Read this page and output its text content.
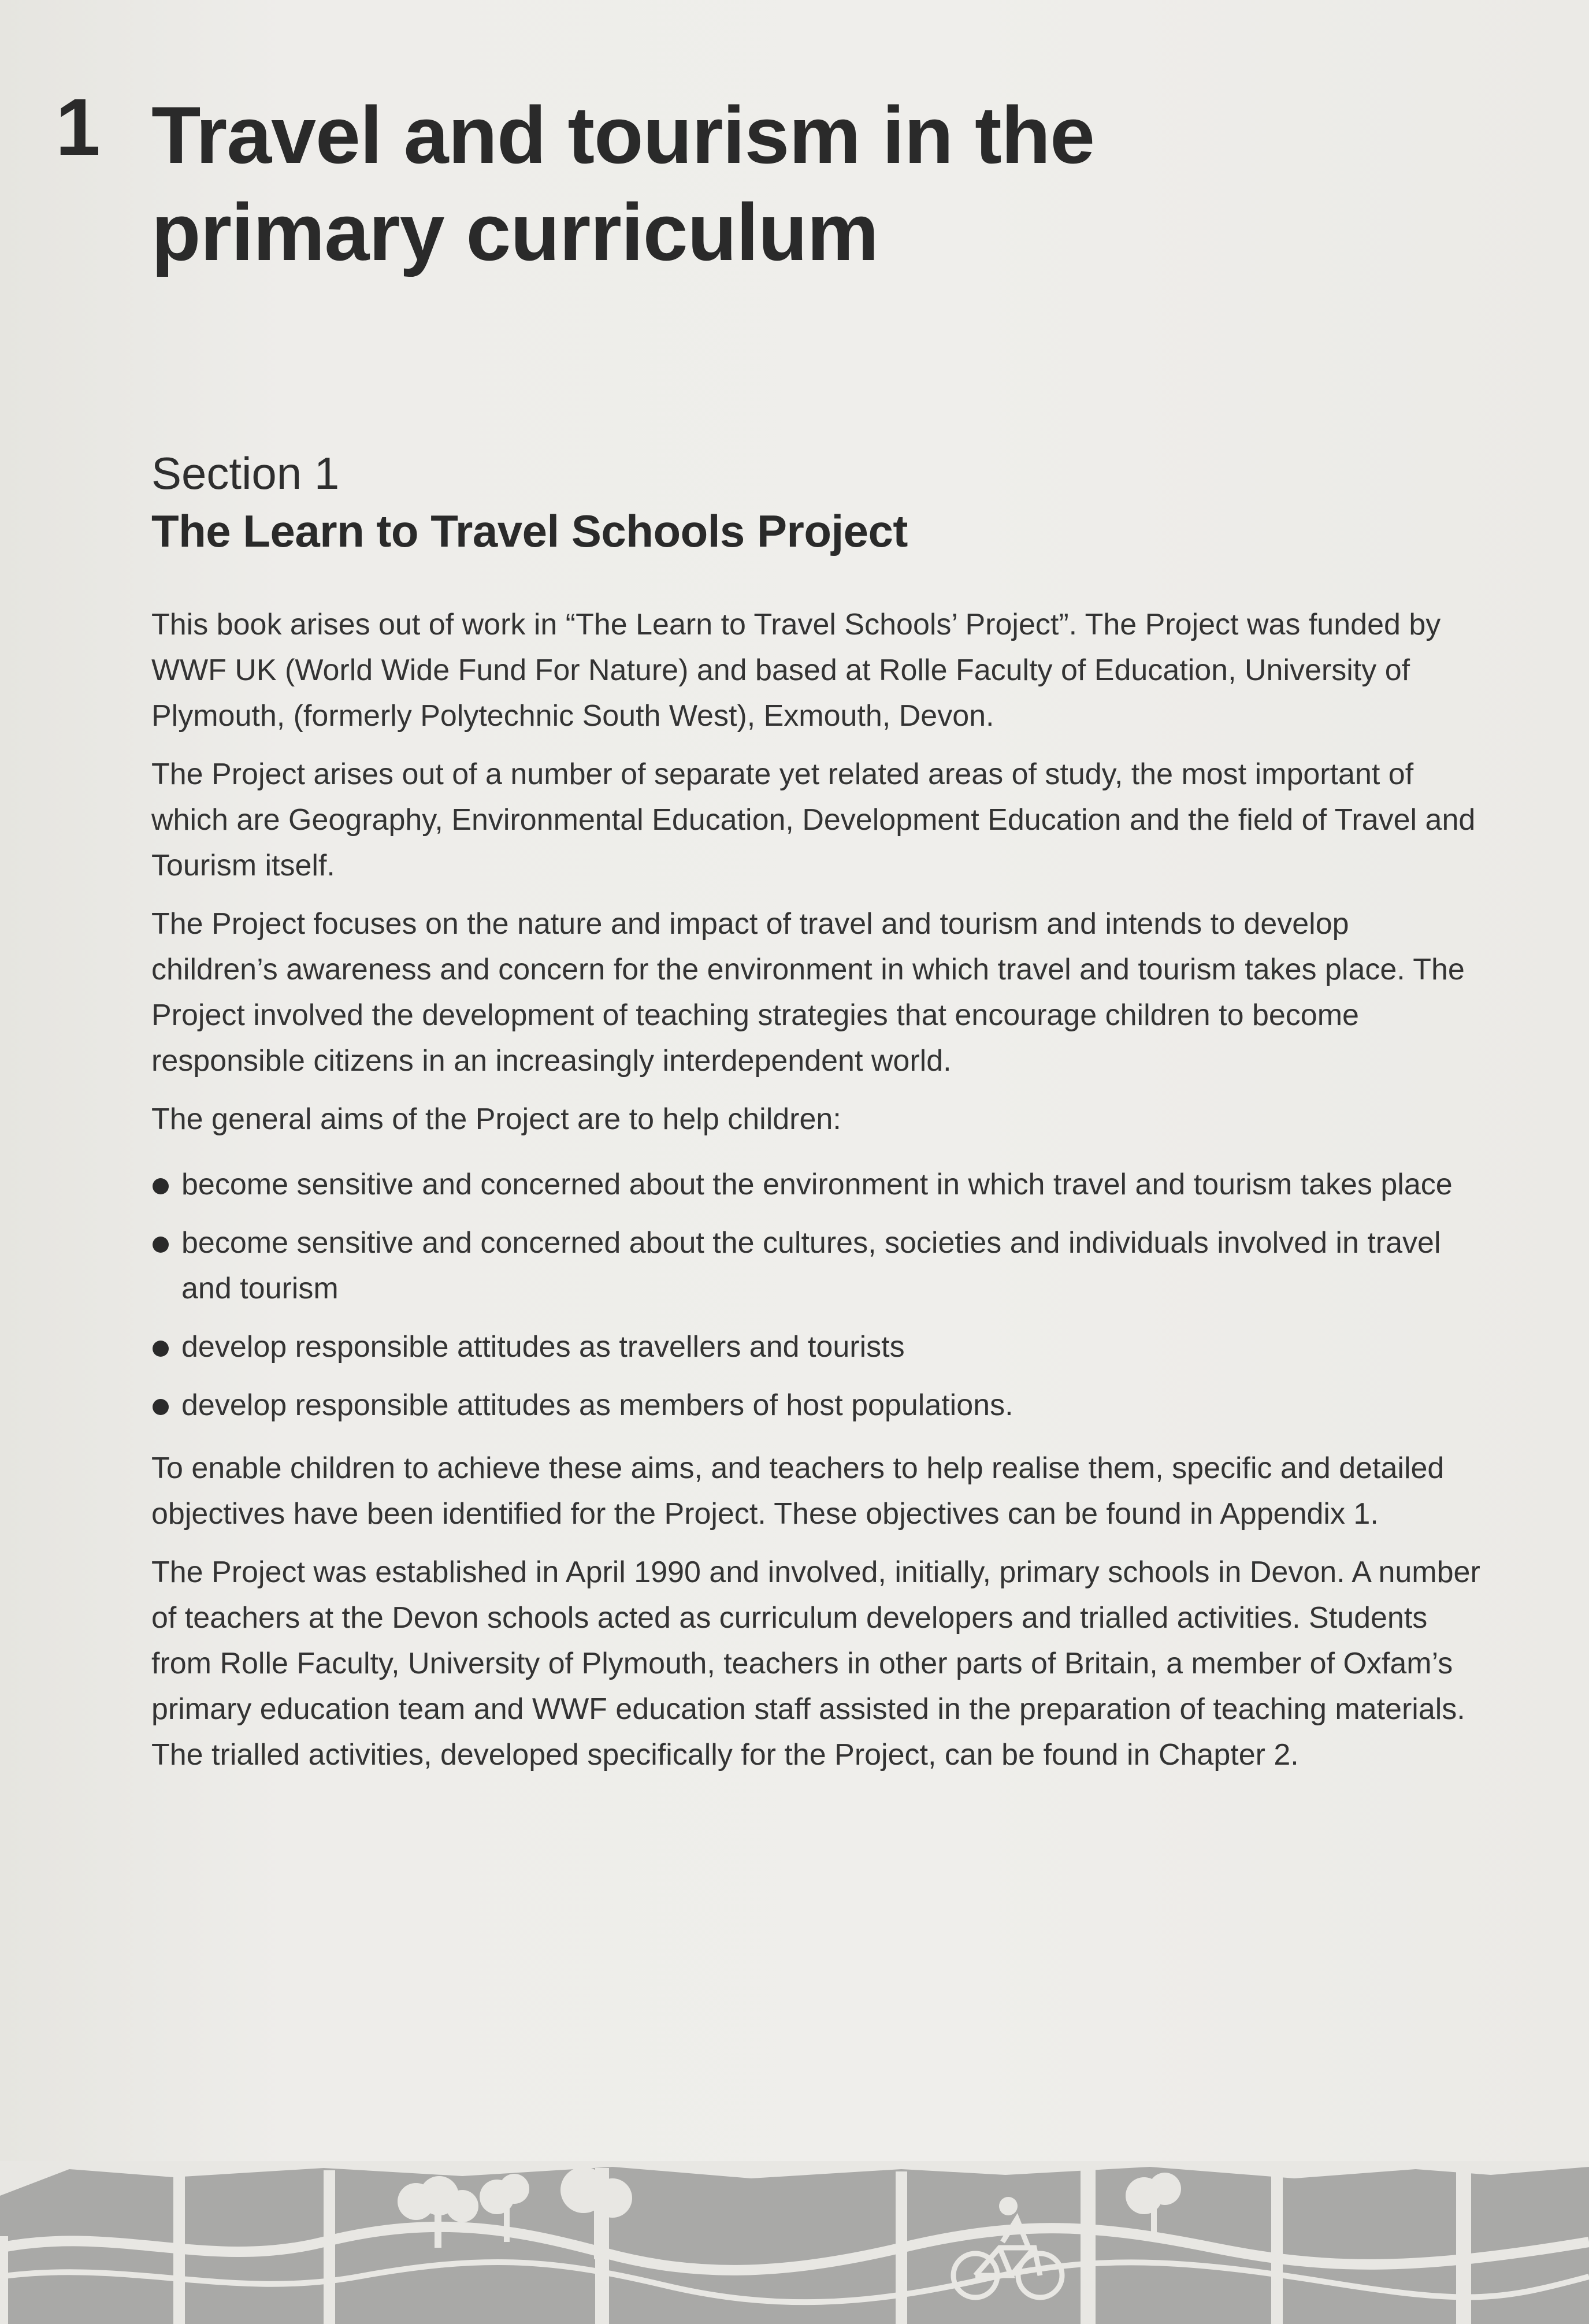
1 Travel and tourism in the primary curriculum
Section 1
The Learn to Travel Schools Project

This book arises out of work in “The Learn to Travel Schools’ Project”. The Project was funded by WWF UK (World Wide Fund For Nature) and based at Rolle Faculty of Education, University of Plymouth, (formerly Polytechnic South West), Exmouth, Devon.

The Project arises out of a number of separate yet related areas of study, the most important of which are Geography, Environmental Education, Development Education and the field of Travel and Tourism itself.

The Project focuses on the nature and impact of travel and tourism and intends to develop children’s awareness and concern for the environment in which travel and tourism takes place. The Project involved the development of teaching strategies that encourage children to become responsible citizens in an increasingly interdependent world.

The general aims of the Project are to help children:

become sensitive and concerned about the environment in which travel and tourism takes place
become sensitive and concerned about the cultures, societies and individuals involved in travel and tourism
develop responsible attitudes as travellers and tourists
develop responsible attitudes as members of host populations.

To enable children to achieve these aims, and teachers to help realise them, specific and detailed objectives have been identified for the Project. These objectives can be found in Appendix 1.

The Project was established in April 1990 and involved, initially, primary schools in Devon. A number of teachers at the Devon schools acted as curriculum developers and trialled activities. Students from Rolle Faculty, University of Plymouth, teachers in other parts of Britain, a member of Oxfam’s primary education team and WWF education staff assisted in the preparation of teaching materials. The trialled activities, developed specifically for the Project, can be found in Chapter 2.
